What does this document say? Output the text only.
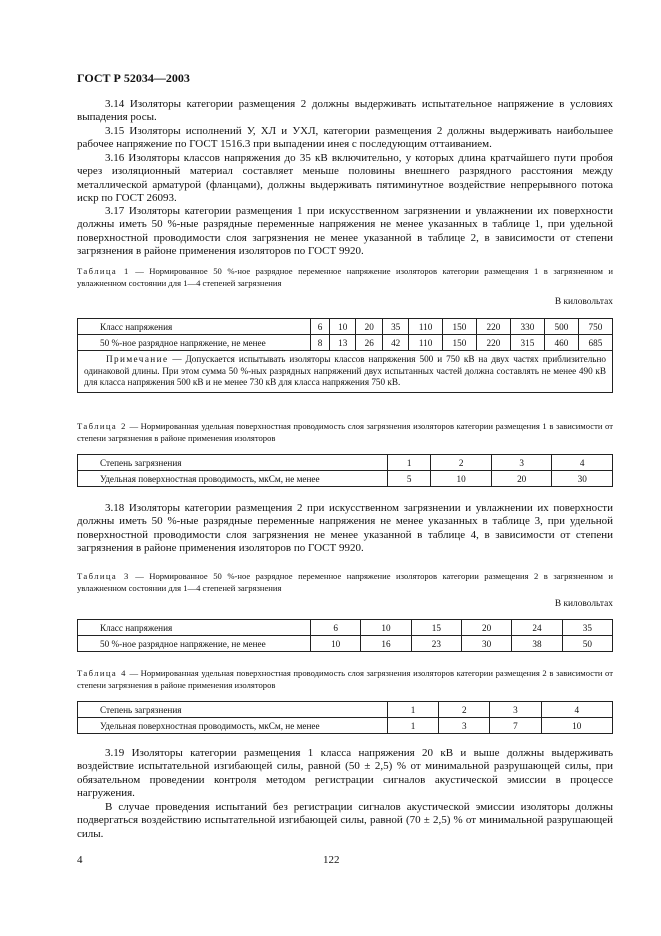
ГОСТ Р 52034—2003

3.14 Изоляторы категории размещения 2 должны выдерживать испытательное напряжение в условиях выпадения росы.

3.15 Изоляторы исполнений У, ХЛ и УХЛ, категории размещения 2 должны выдерживать наибольшее рабочее напряжение по ГОСТ 1516.3 при выпадении инея с последующим оттаиванием.

3.16 Изоляторы классов напряжения до 35 кВ включительно, у которых длина кратчайшего пути пробоя через изоляционный материал составляет меньше половины внешнего разрядного расстояния между металлической арматурой (фланцами), должны выдерживать пятиминутное воздействие непрерывного потока искр по ГОСТ 26093.

3.17 Изоляторы категории размещения 1 при искусственном загрязнении и увлажнении их поверхности должны иметь 50 %-ные разрядные переменные напряжения не менее указанных в таблице 1, при удельной поверхностной проводимости слоя загрязнения не менее указанной в таблице 2, в зависимости от степени загрязнения в районе применения изоляторов по ГОСТ 9920.

Таблица 1 — Нормированное 50 %-ное разрядное переменное напряжение изоляторов категории размещения 1 в загрязненном и увлажненном состоянии для 1—4 степеней загрязнения

В киловольтах
Класс напряжения	6	10	20	35	110	150	220	330	500	750
50 %-ное разрядное напряжение, не менее	8	13	26	42	110	150	220	315	460	685
Примечание — Допускается испытывать изоляторы классов напряжения 500 и 750 кВ на двух частях приблизительно одинаковой длины. При этом сумма 50 %-ных разрядных напряжений двух испытанных частей должна составлять не менее 490 кВ для класса напряжения 500 кВ и не менее 730 кВ для класса напряжения 750 кВ.										

Таблица 2 — Нормированная удельная поверхностная проводимость слоя загрязнения изоляторов категории размещения 1 в зависимости от степени загрязнения в районе применения изоляторов

Степень загрязнения	1	2	3	4
Удельная поверхностная проводимость, мкСм, не менее	5	10	20	30

3.18 Изоляторы категории размещения 2 при искусственном загрязнении и увлажнении их поверхности должны иметь 50 %-ные разрядные переменные напряжения не менее указанных в таблице 3, при удельной поверхностной проводимости слоя загрязнения не менее указанной в таблице 4, в зависимости от степени загрязнения в районе применения изоляторов по ГОСТ 9920.

Таблица 3 — Нормированное 50 %-ное разрядное переменное напряжение изоляторов категории размещения 2 в загрязненном и увлажненном состоянии для 1—4 степеней загрязнения

В киловольтах
Класс напряжения	6	10	15	20	24	35
50 %-ное разрядное напряжение, не менее	10	16	23	30	38	50

Таблица 4 — Нормированная удельная поверхностная проводимость слоя загрязнения изоляторов категории размещения 2 в зависимости от степени загрязнения в районе применения изоляторов

Степень загрязнения	1	2	3	4
Удельная поверхностная проводимость, мкСм, не менее	1	3	7	10

3.19 Изоляторы категории размещения 1 класса напряжения 20 кВ и выше должны выдерживать воздействие испытательной изгибающей силы, равной (50 ± 2,5) % от минимальной разрушающей силы, при обязательном проведении контроля методом регистрации сигналов акустической эмиссии в процессе нагружения.

В случае проведения испытаний без регистрации сигналов акустической эмиссии изоляторы должны подвергаться воздействию испытательной изгибающей силы, равной (70 ± 2,5) % от минимальной разрушающей силы.

4	122
